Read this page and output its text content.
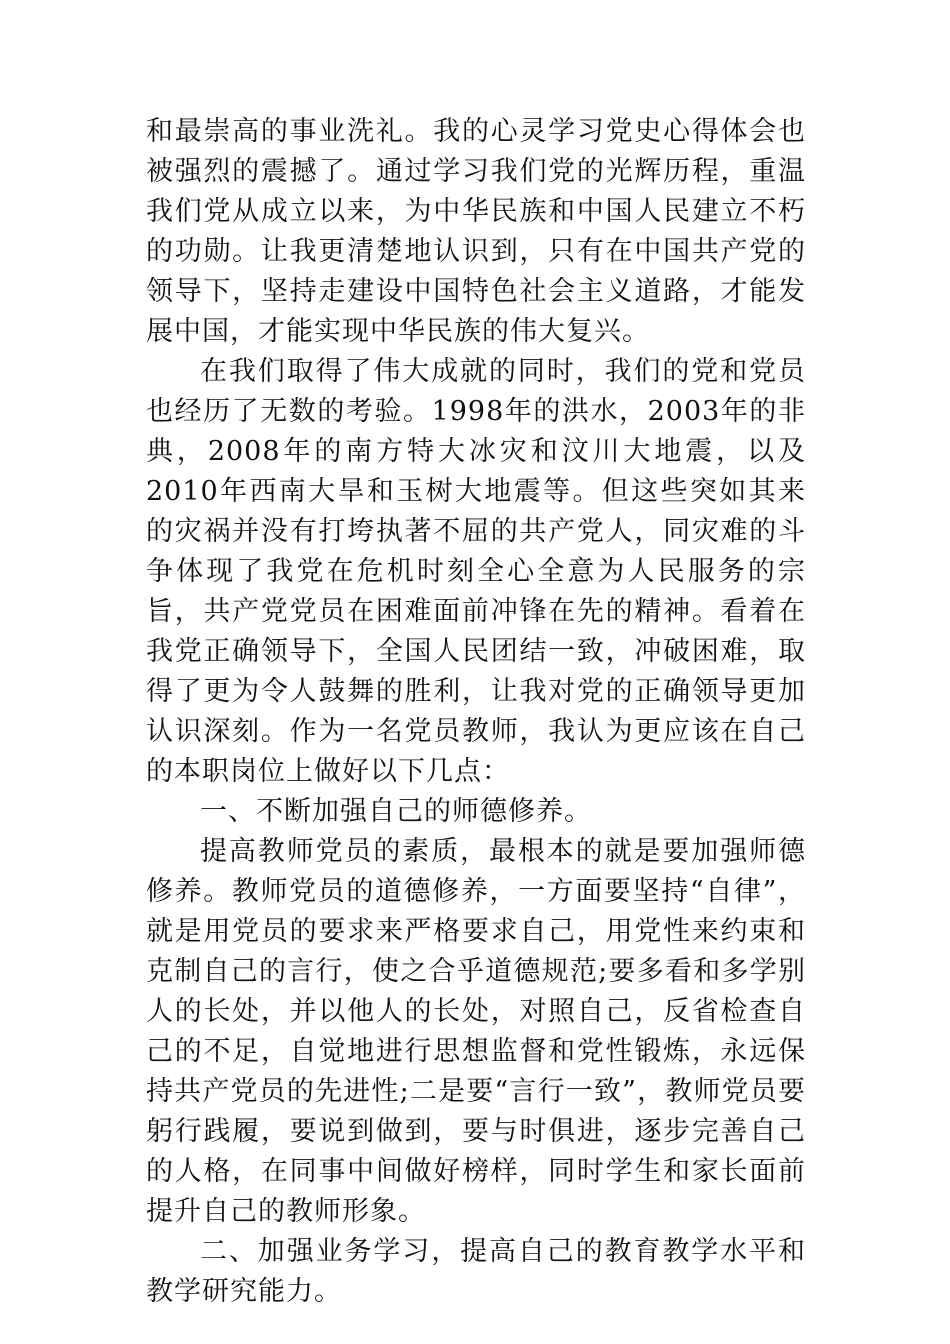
和最崇高的事业洗礼。我的心灵学习党史心得体会也被强烈的震撼了。通过学习我们党的光辉历程，重温我们党从成立以来，为中华民族和中国人民建立不朽的功勋。让我更清楚地认识到，只有在中国共产党的领导下，坚持走建设中国特色社会主义道路，才能发展中国，才能实现中华民族的伟大复兴。

在我们取得了伟大成就的同时，我们的党和党员也经历了无数的考验。1998年的洪水，2003年的非典，2008年的南方特大冰灾和汶川大地震，以及2010年西南大旱和玉树大地震等。但这些突如其来的灾祸并没有打垮执著不屈的共产党人，同灾难的斗争体现了我党在危机时刻全心全意为人民服务的宗旨，共产党党员在困难面前冲锋在先的精神。看着在我党正确领导下，全国人民团结一致，冲破困难，取得了更为令人鼓舞的胜利，让我对党的正确领导更加认识深刻。作为一名党员教师，我认为更应该在自己的本职岗位上做好以下几点：

一、不断加强自己的师德修养。

提高教师党员的素质，最根本的就是要加强师德修养。教师党员的道德修养，一方面要坚持“自律”，就是用党员的要求来严格要求自己，用党性来约束和克制自己的言行，使之合乎道德规范;要多看和多学别人的长处，并以他人的长处，对照自己，反省检查自己的不足，自觉地进行思想监督和党性锻炼，永远保持共产党员的先进性;二是要“言行一致”，教师党员要躬行践履，要说到做到，要与时俱进，逐步完善自己的人格，在同事中间做好榜样，同时学生和家长面前提升自己的教师形象。

二、加强业务学习，提高自己的教育教学水平和教学研究能力。
